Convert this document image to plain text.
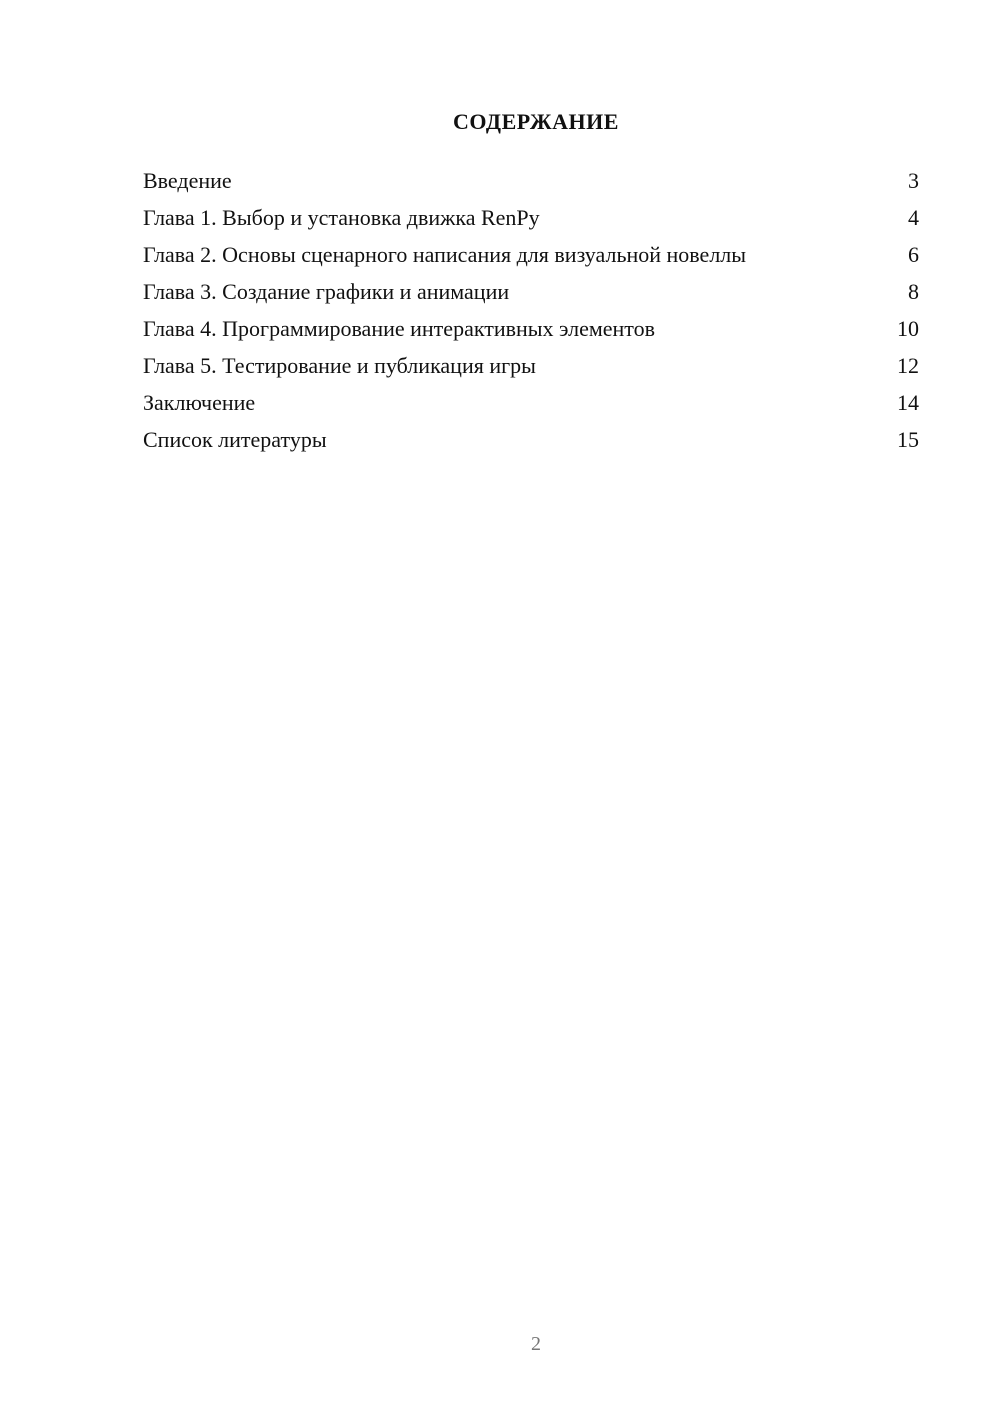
СОДЕРЖАНИЕ
Введение	3
Глава 1. Выбор и установка движка RenPy	4
Глава 2. Основы сценарного написания для визуальной новеллы	6
Глава 3. Создание графики и анимации	8
Глава 4. Программирование интерактивных элементов	10
Глава 5. Тестирование и публикация игры	12
Заключение	14
Список литературы	15
2
